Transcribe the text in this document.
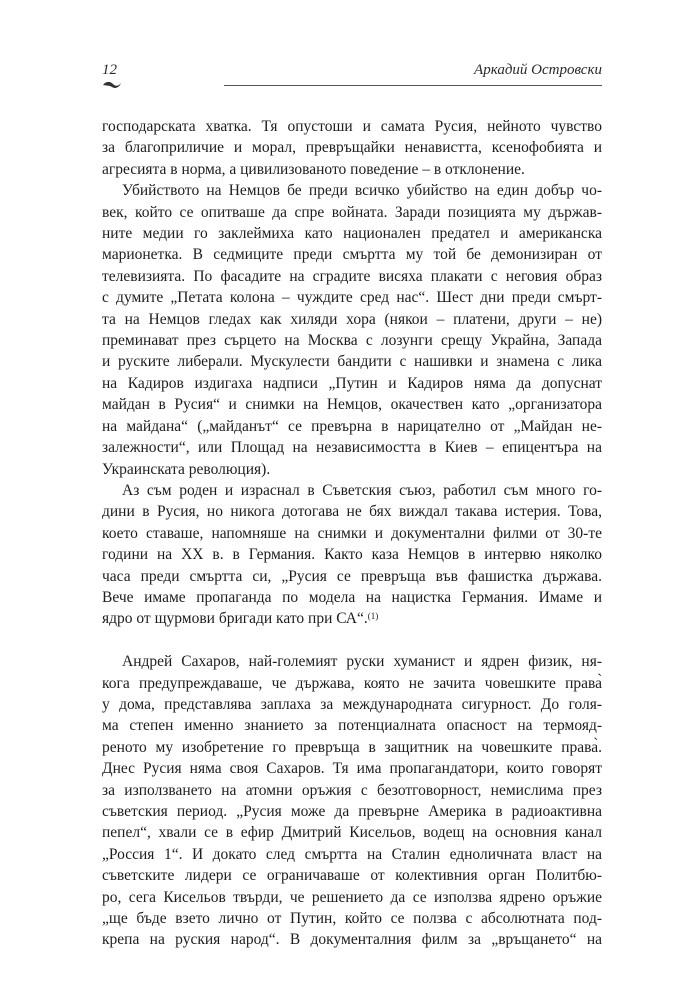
12	Аркадий Островски
господарската хватка. Тя опустоши и самата Русия, нейното чувство
за благоприличие и морал, превръщайки ненавистта, ксенофобията и
агресията в норма, а цивилизованото поведение – в отклонение.
Убийството на Немцов бе преди всичко убийство на един добър чо-
век, който се опитваше да спре войната. Заради позицията му държав-
ните медии го заклеймиха като национален предател и американска
марионетка. В седмиците преди смъртта му той бе демонизиран от
телевизията. По фасадите на сградите висяха плакати с неговия образ
с думите „Петата колона – чуждите сред нас“. Шест дни преди смърт-
та на Немцов гледах как хиляди хора (някои – платени, други – не)
преминават през сърцето на Москва с лозунги срещу Украйна, Запада
и руските либерали. Мускулести бандити с нашивки и знамена с лика
на Кадиров издигаха надписи „Путин и Кадиров няма да допуснат
майдан в Русия“ и снимки на Немцов, окачествен като „организатора
на майдана“ („майданът“ се превърна в нарицателно от „Майдан не-
залежности“, или Площад на независимостта в Киев – епицентъра на
Украинската революция).
Аз съм роден и израснал в Съветския съюз, работил съм много го-
дини в Русия, но никога дотогава не бях виждал такава истерия. Това,
което ставаше, напомняше на снимки и документални филми от 30-те
години на XX в. в Германия. Както каза Немцов в интервю няколко
часа преди смъртта си, „Русия се превръща във фашистка държава.
Вече имаме пропаганда по модела на нацистка Германия. Имаме и
ядро от щурмови бригади като при СА“.$^{(1)}$
Андрей Сахаров, най-големият руски хуманист и ядрен физик, ня-
кога предупреждаваше, че държава, която не зачита човешките права̀
у дома, представлява заплаха за международната сигурност. До голя-
ма степен именно знанието за потенциалната опасност на термояд-
реното му изобретение го превръща в защитник на човешките права̀.
Днес Русия няма своя Сахаров. Тя има пропагандатори, които говорят
за използването на атомни оръжия с безотговорност, немислима през
съветския период. „Русия може да превърне Америка в радиоактивна
пепел“, хвали се в ефир Дмитрий Кисельов, водещ на основния канал
„Россия 1“. И докато след смъртта на Сталин едноличната власт на
съветските лидери се ограничаваше от колективния орган Политбю-
ро, сега Кисельов твърди, че решението да се използва ядрено оръжие
„ще бъде взето лично от Путин, който се ползва с абсолютната под-
крепа на руския народ“. В документалния филм за „връщането“ на
